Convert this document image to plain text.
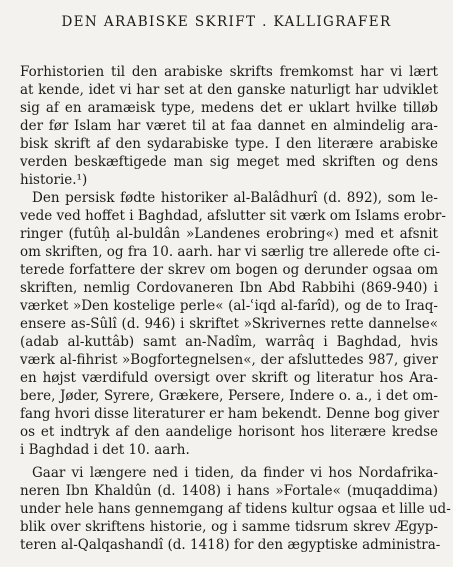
DEN ARABISKE SKRIFT . KALLIGRAFER
Forhistorien til den arabiske skrifts fremkomst har vi lært
at kende, idet vi har set at den ganske naturligt har udviklet
sig af en aramæisk type, medens det er uklart hvilke tilløb
der før Islam har været til at faa dannet en almindelig ara-
bisk skrift af den sydarabiske type. I den literære arabiske
verden beskæftigede man sig meget med skriften og dens
historie.¹)
Den persisk fødte historiker al-Balâdhurî (d. 892), som le-
vede ved hoffet i Baghdad, afslutter sit værk om Islams erobr-
ringer (futûḥ al-buldân »Landenes erobring«) med et afsnit
om skriften, og fra 10. aarh. har vi særlig tre allerede ofte ci-
terede forfattere der skrev om bogen og derunder ogsaa om
skriften, nemlig Cordovaneren Ibn Abd Rabbihi (869-940) i
værket »Den kostelige perle« (al-ʿiqd al-farîd), og de to Iraq-
ensere as-Sûlî (d. 946) i skriftet »Skrivernes rette dannelse«
(adab al-kuttâb) samt an-Nadîm, warrâq i Baghdad, hvis
værk al-fihrist »Bogfortegnelsen«, der afsluttedes 987, giver
en højst værdifuld oversigt over skrift og literatur hos Ara-
bere, Jøder, Syrere, Grækere, Persere, Indere o. a., i det om-
fang hvori disse literaturer er ham bekendt. Denne bog giver
os et indtryk af den aandelige horisont hos literære kredse
i Baghdad i det 10. aarh.
Gaar vi længere ned i tiden, da finder vi hos Nordafrika-
neren Ibn Khaldûn (d. 1408) i hans »Fortale« (muqaddima)
under hele hans gennemgang af tidens kultur ogsaa et lille ud-
blik over skriftens historie, og i samme tidsrum skrev Ægyp-
teren al-Qalqashandî (d. 1418) for den ægyptiske administra-
